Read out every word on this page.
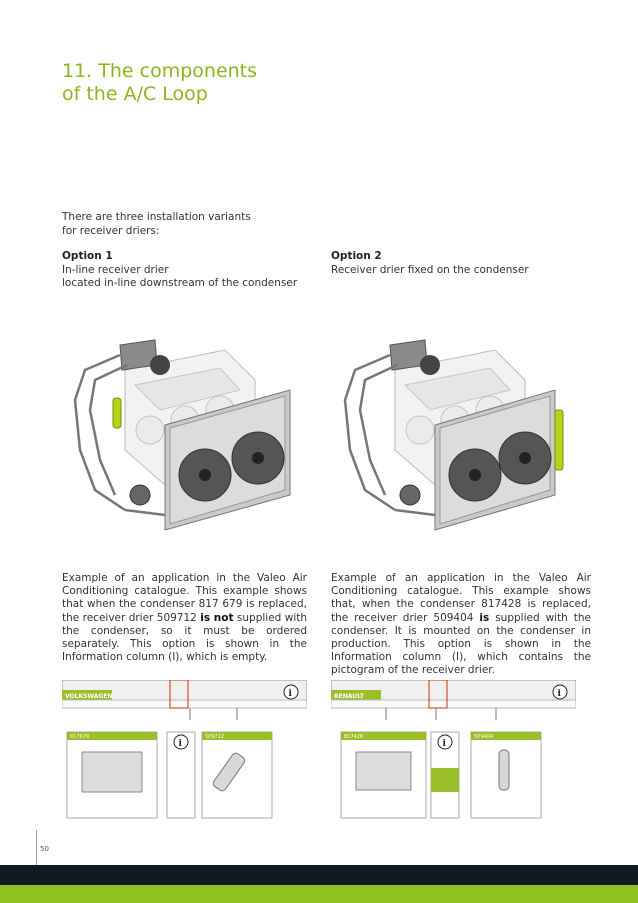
11. The components
of the A/C Loop
There are three installation variants
for receiver driers:
Option 1
In-line receiver drier
located in-line downstream of the condenser
Option 2
Receiver drier fixed on the condenser
Example of an application in the Valeo Air Conditioning catalogue. This example shows that when the condenser 817 679 is replaced, the receiver drier 509712 is not supplied with the condenser, so it must be ordered separately. This option is shown in the Information column (I), which is empty.
Example of an application in the Valeo Air Conditioning catalogue. This example shows that, when the condenser 817428 is replaced, the receiver drier 509404 is supplied with the condenser. It is mounted on the condenser in production. This option is shown in the Information column (I), which contains the pictogram of the receiver drier.
VOLKSWAGEN	i
817679
i
509712
RENAULT	i
817428
i
509404
50
